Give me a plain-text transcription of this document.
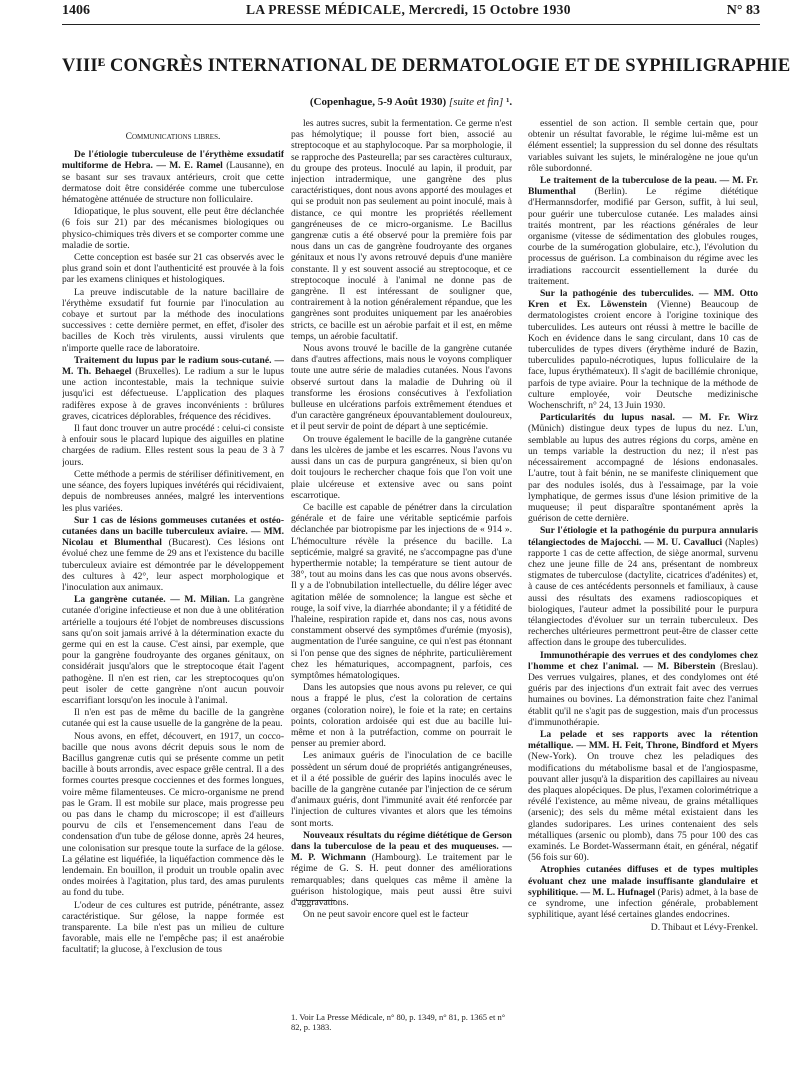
1406	LA PRESSE MÉDICALE, Mercredi, 15 Octobre 1930	N° 83
VIIIᴱ CONGRÈS INTERNATIONAL DE DERMATOLOGIE ET DE SYPHILIGRAPHIE
(Copenhague, 5-9 Août 1930) [suite et fin] ¹.

Communications libres.

De l'étiologie tuberculeuse de l'érythème exsudatif multiforme de Hebra. — M. E. Ramel (Lausanne), en se basant sur ses travaux antérieurs, croit que cette dermatose doit être considérée comme une tuberculose hématogène atténuée de structure non folliculaire.

Idiopatique, le plus souvent, elle peut être déclanchée (6 fois sur 21) par des mécanismes biologiques ou physico-chimiques très divers et se comporter comme une maladie de sortie.

Cette conception est basée sur 21 cas observés avec le plus grand soin et dont l'authenticité est prouvée à la fois par les examens cliniques et histologiques.

La preuve indiscutable de la nature bacillaire de l'érythème exsudatif fut fournie par l'inoculation au cobaye et surtout par la méthode des inoculations successives : cette dernière permet, en effet, d'isoler des bacilles de Koch très virulents, aussi virulents que n'importe quelle race de laboratoire.

Traitement du lupus par le radium sous-cutané. — M. Th. Behaegel (Bruxelles). Le radium a sur le lupus une action incontestable, mais la technique suivie jusqu'ici est défectueuse. L'application des plaques radifères expose à de graves inconvénients : brûlures graves, cicatrices déplorables, fréquence des récidives.

Il faut donc trouver un autre procédé : celui-ci consiste à enfouir sous le placard lupique des aiguilles en platine chargées de radium. Elles restent sous la peau de 3 à 7 jours.

Cette méthode a permis de stériliser définitivement, en une séance, des foyers lupiques invétérés qui récidivaient, depuis de nombreuses années, malgré les interventions les plus variées.

Sur 1 cas de lésions gommeuses cutanées et ostéo-cutanées dans un bacille tuberculeux aviaire. — MM. Nicolau et Blumenthal (Bucarest). Ces lésions ont évolué chez une femme de 29 ans et l'existence du bacille tuberculeux aviaire est démontrée par le développement des cultures à 42°, leur aspect morphologique et l'inoculation aux animaux.

La gangrène cutanée. — M. Milian. La gangrène cutanée d'origine infectieuse et non due à une oblitération artérielle a toujours été l'objet de nombreuses discussions sans qu'on soit jamais arrivé à la détermination exacte du germe qui en est la cause. C'est ainsi, par exemple, que pour la gangrène foudroyante des organes génitaux, on considérait jusqu'alors que le streptocoque était l'agent pathogène. Il n'en est rien, car les streptocoques qu'on peut isoler de cette gangrène n'ont aucun pouvoir escarrifiant lorsqu'on les inocule à l'animal.

Il n'en est pas de même du bacille de la gangrène cutanée qui est la cause usuelle de la gangrène de la peau.

Nous avons, en effet, découvert, en 1917, un cocco-bacille que nous avons décrit depuis sous le nom de Bacillus gangrenæ cutis qui se présente comme un petit bacille à bouts arrondis, avec espace grêle central. Il a des formes courtes presque cocciennes et des formes longues, voire même filamenteuses. Ce micro-organisme ne prend pas le Gram. Il est mobile sur place, mais progresse peu ou pas dans le champ du microscope; il est d'ailleurs pourvu de cils et l'ensemencement dans l'eau de condensation d'un tube de gélose donne, après 24 heures, une colonisation sur presque toute la surface de la gélose. La gélatine est liquéfiée, la liquéfaction commence dès le lendemain. En bouillon, il produit un trouble opalin avec ondes moirées à l'agitation, plus tard, des amas purulents au fond du tube.

L'odeur de ces cultures est putride, pénétrante, assez caractéristique. Sur gélose, la nappe formée est transparente. La bile n'est pas un milieu de culture favorable, mais elle ne l'empêche pas; il est anaérobie facultatif; la glucose, à l'exclusion de tous

les autres sucres, subit la fermentation. Ce germe n'est pas hémolytique; il pousse fort bien, associé au streptocoque et au staphylocoque. Par sa morphologie, il se rapproche des Pasteurella; par ses caractères culturaux, du groupe des proteus. Inoculé au lapin, il produit, par injection intradermique, une gangrène des plus caractéristiques, dont nous avons apporté des moulages et qui se produit non pas seulement au point inoculé, mais à distance, ce qui montre les propriétés réellement gangréneuses de ce micro-organisme. Le Bacillus gangrenæ cutis a été observé pour la première fois par nous dans un cas de gangrène foudroyante des organes génitaux et nous l'y avons retrouvé depuis d'une manière constante. Il y est souvent associé au streptocoque, et ce streptocoque inoculé à l'animal ne donne pas de gangrène. Il est intéressant de souligner que, contrairement à la notion généralement répandue, que les gangrènes sont produites uniquement par les anaérobies stricts, ce bacille est un aérobie parfait et il est, en même temps, un aérobie facultatif.

Nous avons trouvé le bacille de la gangrène cutanée dans d'autres affections, mais nous le voyons compliquer toute une autre série de maladies cutanées. Nous l'avons observé surtout dans la maladie de Duhring où il transforme les érosions consécutives à l'exfoliation bulleuse en ulcérations parfois extrêmement étendues et d'un caractère gangréneux épouvantablement douloureux, et il peut servir de point de départ à une septicémie.

On trouve également le bacille de la gangrène cutanée dans les ulcères de jambe et les escarres. Nous l'avons vu aussi dans un cas de purpura gangréneux, si bien qu'on doit toujours le rechercher chaque fois que l'on voit une plaie ulcéreuse et extensive avec ou sans point escarrotique.

Ce bacille est capable de pénétrer dans la circulation générale et de faire une véritable septicémie parfois déclanchée par biotropisme par les injections de « 914 ». L'hémoculture révèle la présence du bacille. La septicémie, malgré sa gravité, ne s'accompagne pas d'une hyperthermie notable; la température se tient autour de 38°, tout au moins dans les cas que nous avons observés. Il y a de l'obnubilation intellectuelle, du délire léger avec agitation mêlée de somnolence; la langue est sèche et rouge, la soif vive, la diarrhée abondante; il y a fétidité de l'haleine, respiration rapide et, dans nos cas, nous avons constamment observé des symptômes d'urémie (myosis), augmentation de l'urée sanguine, ce qui n'est pas étonnant si l'on pense que des signes de néphrite, particulièrement chez les hématuriques, accompagnent, parfois, ces symptômes hématologiques.

Dans les autopsies que nous avons pu relever, ce qui nous a frappé le plus, c'est la coloration de certains organes (coloration noire), le foie et la rate; en certains points, coloration ardoisée qui est due au bacille lui-même et non à la putréfaction, comme on pourrait le penser au premier abord.

Les animaux guéris de l'inoculation de ce bacille possèdent un sérum doué de propriétés antigangréneuses, et il a été possible de guérir des lapins inoculés avec le bacille de la gangrène cutanée par l'injection de ce sérum d'animaux guéris, dont l'immunité avait été renforcée par l'injection de cultures vivantes et alors que les témoins sont morts.

Nouveaux résultats du régime diététique de Gerson dans la tuberculose de la peau et des muqueuses. — M. P. Wichmann (Hambourg). Le traitement par le régime de G. S. H. peut donner des améliorations remarquables; dans quelques cas même il amène la guérison histologique, mais peut aussi être suivi d'aggravations.

On ne peut savoir encore quel est le facteur

1. Voir La Presse Médicale, n° 80, p. 1349, n° 81, p. 1365 et n° 82, p. 1383.

essentiel de son action. Il semble certain que, pour obtenir un résultat favorable, le régime lui-même est un élément essentiel; la suppression du sel donne des résultats variables suivant les sujets, le minéralogène ne joue qu'un rôle subordonné.

Le traitement de la tuberculose de la peau. — M. Fr. Blumenthal (Berlin). Le régime diététique d'Hermannsdorfer, modifié par Gerson, suffit, à lui seul, pour guérir une tuberculose cutanée. Les malades ainsi traités montrent, par les réactions générales de leur organisme (vitesse de sédimentation des globules rouges, courbe de la sumérogation globulaire, etc.), l'évolution du processus de guérison. La combinaison du régime avec les irradiations raccourcit essentiellement la durée du traitement.

Sur la pathogénie des tuberculides. — MM. Otto Kren et Ex. Löwenstein (Vienne) Beaucoup de dermatologistes croient encore à l'origine toxinique des tuberculides. Les auteurs ont réussi à mettre le bacille de Koch en évidence dans le sang circulant, dans 10 cas de tuberculides de types divers (érythème induré de Bazin, tuberculides papulo-nécrotiques, lupus folliculaire de la face, lupus érythémateux). Il s'agit de bacillémie chronique, parfois de type aviaire. Pour la technique de la méthode de culture employée, voir Deutsche medizinische Wochenschrift, n° 24, 13 Juin 1930.

Particularités du lupus nasal. — M. Fr. Wirz (Münich) distingue deux types de lupus du nez. L'un, semblable au lupus des autres régions du corps, amène en un temps variable la destruction du nez; il n'est pas nécessairement accompagné de lésions endonasales. L'autre, tout à fait bénin, ne se manifeste cliniquement que par des nodules isolés, dus à l'essaimage, par la voie lymphatique, de germes issus d'une lésion primitive de la muqueuse; il peut disparaître spontanément après la guérison de cette dernière.

Sur l'étiologie et la pathogénie du purpura annularis télangiectodes de Majocchi. — M. U. Cavalluci (Naples) rapporte 1 cas de cette affection, de siège anormal, survenu chez une jeune fille de 24 ans, présentant de nombreux stigmates de tuberculose (dactylite, cicatrices d'adénites) et, à cause de ces antécédents personnels et familiaux, à cause aussi des résultats des examens radioscopiques et biologiques, l'auteur admet la possibilité pour le purpura télangiectodes d'évoluer sur un terrain tuberculeux. Des recherches ultérieures permettront peut-être de classer cette affection dans le groupe des tuberculides.

Immunothérapie des verrues et des condylomes chez l'homme et chez l'animal. — M. Biberstein (Breslau). Des verrues vulgaires, planes, et des condylomes ont été guéris par des injections d'un extrait fait avec des verrues humaines ou bovines. La démonstration faite chez l'animal établit qu'il ne s'agit pas de suggestion, mais d'un processus d'immunothérapie.

La pelade et ses rapports avec la rétention métallique. — MM. H. Feit, Throne, Bindford et Myers (New-York). On trouve chez les peladiques des modifications du métabolisme basal et de l'angiospasme, pouvant aller jusqu'à la disparition des capillaires au niveau des plaques alopéciques. De plus, l'examen colorimétrique a révélé l'existence, au même niveau, de grains métalliques (arsenic); des sels du même métal existaient dans les glandes sudoripares. Les urines contenaient des sels métalliques (arsenic ou plomb), dans 75 pour 100 des cas examinés. Le Bordet-Wassermann était, en général, négatif (56 fois sur 60).

Atrophies cutanées diffuses et de types multiples évoluant chez une malade insuffisante glandulaire et syphilitique. — M. L. Hufnagel (Paris) admet, à la base de ce syndrome, une infection générale, probablement syphilitique, ayant lésé certaines glandes endocrines.

D. Thibaut et Lévy-Frenkel.
